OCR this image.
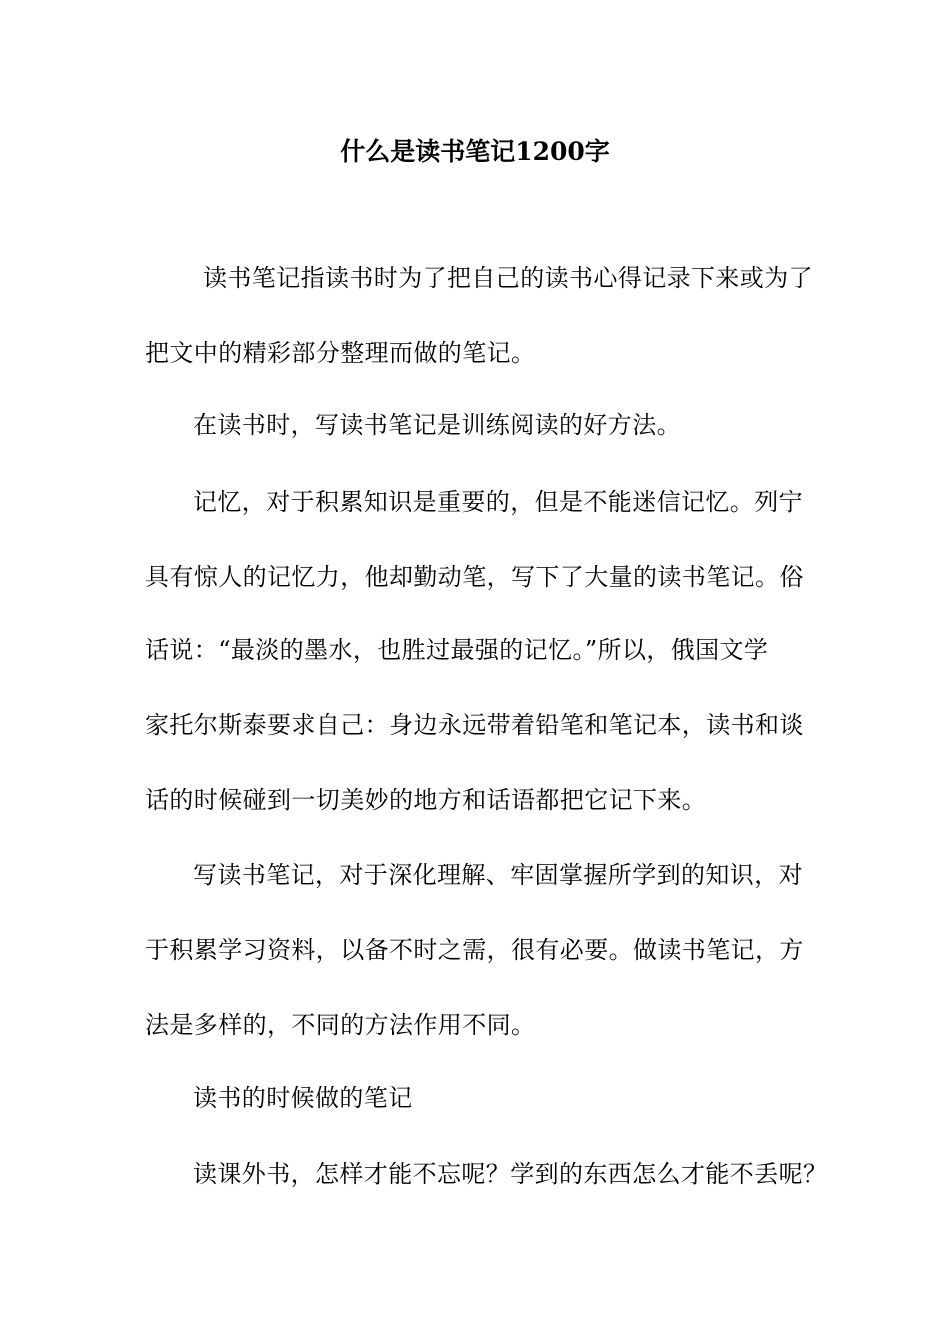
什么是读书笔记1200字
读书笔记指读书时为了把自己的读书心得记录下来或为了
把文中的精彩部分整理而做的笔记。
在读书时，写读书笔记是训练阅读的好方法。
记忆，对于积累知识是重要的，但是不能迷信记忆。列宁
具有惊人的记忆力，他却勤动笔，写下了大量的读书笔记。俗
话说：“最淡的墨水，也胜过最强的记忆。”所以，俄国文学
家托尔斯泰要求自己：身边永远带着铅笔和笔记本，读书和谈
话的时候碰到一切美妙的地方和话语都把它记下来。
写读书笔记，对于深化理解、牢固掌握所学到的知识，对
于积累学习资料，以备不时之需，很有必要。做读书笔记，方
法是多样的，不同的方法作用不同。
读书的时候做的笔记
读课外书，怎样才能不忘呢？学到的东西怎么才能不丢呢？
